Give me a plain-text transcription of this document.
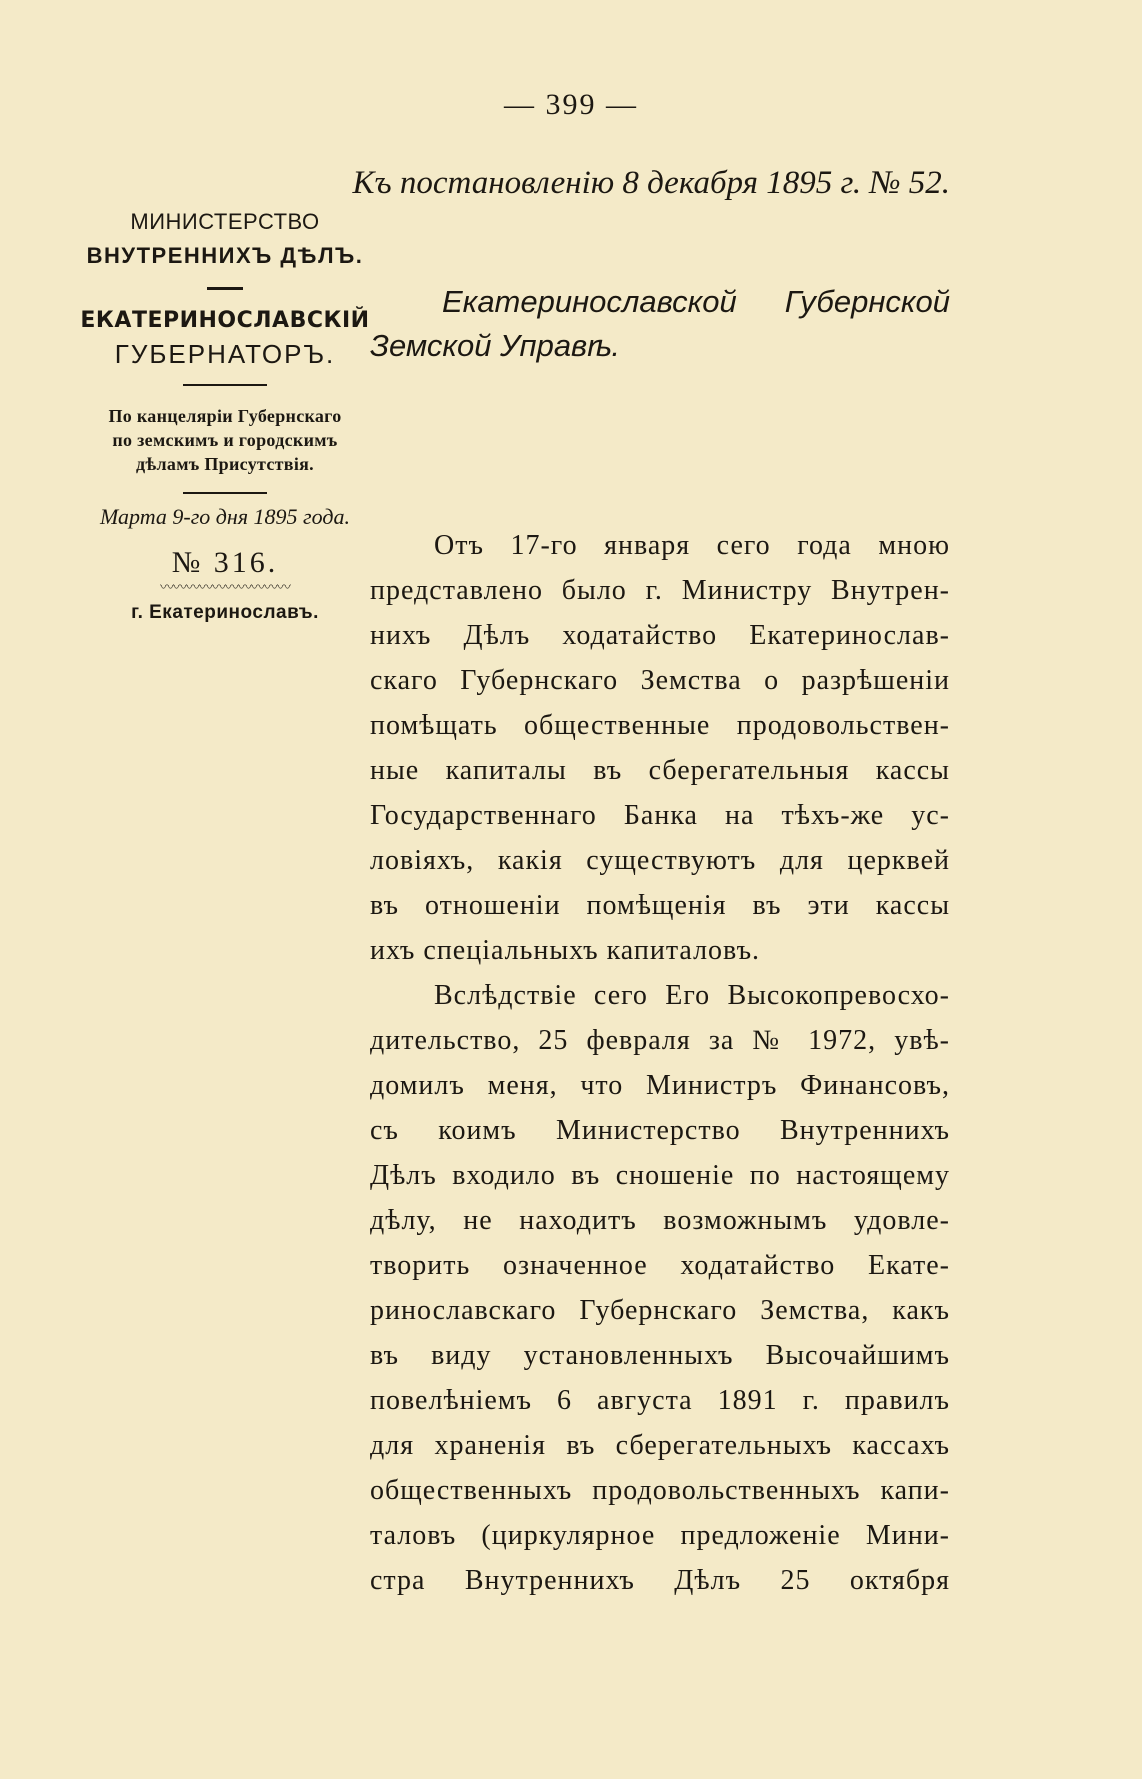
— 399 —
Къ постановленію 8 декабря 1895 г. № 52.
МИНИСТЕРСТВО
ВНУТРЕННИХЪ ДѢЛЪ.
ЕКАТЕРИНОСЛАВСКІЙ
ГУБЕРНАТОРЪ.
По канцеляріи Губернскаго
по земскимъ и городскимъ
дѣламъ Присутствія.
Марта 9-го дня 1895 года.
№ 316.
〰〰〰〰〰〰〰〰〰〰
г. Екатеринославъ.
Екатеринославской Губернской Земской Управѣ.
Отъ 17-го января сего года мною
представлено было г. Министру Внутрен-
нихъ Дѣлъ ходатайство Екатеринослав-
скаго Губернскаго Земства о разрѣшеніи
помѣщать общественные продовольствен-
ные капиталы въ сберегательныя кассы
Государственнаго Банка на тѣхъ-же ус-
ловіяхъ, какія существуютъ для церквей
въ отношеніи помѣщенія въ эти кассы
ихъ спеціальныхъ капиталовъ.
Вслѣдствіе сего Его Высокопревосхо-
дительство, 25 февраля за № 1972, увѣ-
домилъ меня, что Министръ Финансовъ,
съ коимъ Министерство Внутреннихъ
Дѣлъ входило въ сношеніе по настоящему
дѣлу, не находитъ возможнымъ удовле-
творить означенное ходатайство Екате-
ринославскаго Губернскаго Земства, какъ
въ виду установленныхъ Высочайшимъ
повелѣніемъ 6 августа 1891 г. правилъ
для храненія въ сберегательныхъ кассахъ
общественныхъ продовольственныхъ капи-
таловъ (циркулярное предложеніе Мини-
стра Внутреннихъ Дѣлъ 25 октября
